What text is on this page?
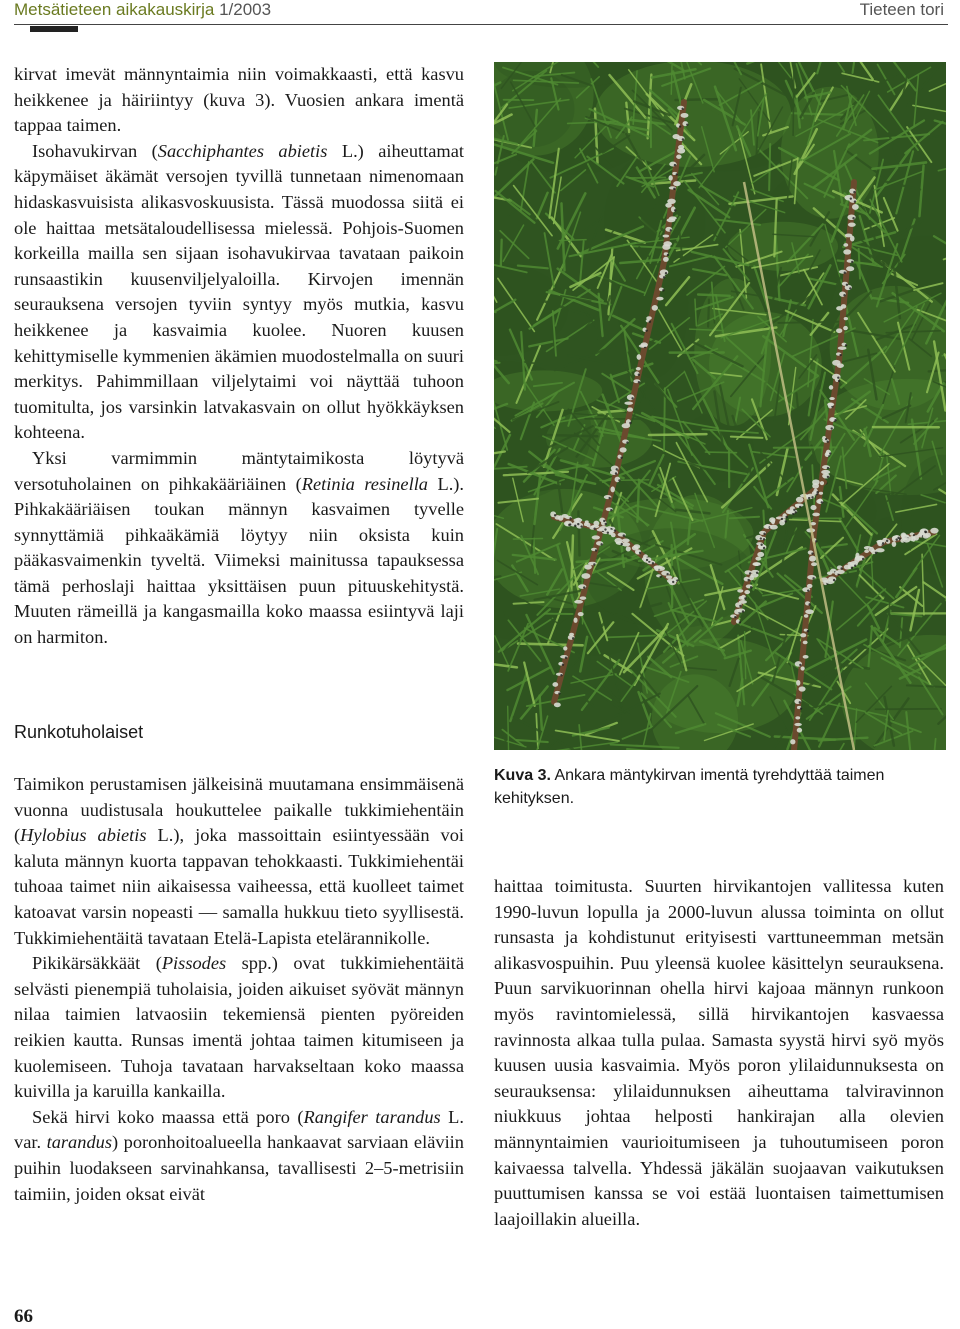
Metsätieteen aikakauskirja 1/2003	Tieteen tori

kirvat imevät männyntaimia niin voimakkaasti, että kasvu heikkenee ja häiriintyy (kuva 3). Vuosien ankara imentä tappaa taimen.

Isohavukirvan (Sacchiphantes abietis L.) aiheuttamat käpymäiset äkämät versojen tyvillä tunnetaan nimenomaan hidaskasvuisista alikasvoskuusista. Tässä muodossa siitä ei ole haittaa metsätaloudellisessa mielessä. Pohjois-Suomen korkeilla mailla sen sijaan isohavukirvaa tavataan paikoin runsaastikin kuusenviljelyaloilla. Kirvojen imennän seurauksena versojen tyviin syntyy myös mutkia, kasvu heikkenee ja kasvaimia kuolee. Nuoren kuusen kehittymiselle kymmenien äkämien muodostelmalla on suuri merkitys. Pahimmillaan viljelytaimi voi näyttää tuhoon tuomitulta, jos varsinkin latvakasvain on ollut hyökkäyksen kohteena.

Yksi varmimmin mäntytaimikosta löytyvä versotuholainen on pihkakääriäinen (Retinia resinella L.). Pihkakääriäisen toukan männyn kasvaimen tyvelle synnyttämiä pihkaäkämiä löytyy niin oksista kuin pääkasvaimenkin tyveltä. Viimeksi mainitussa tapauksessa tämä perhoslaji haittaa yksittäisen puun pituuskehitystä. Muuten rämeillä ja kangasmailla koko maassa esiintyvä laji on harmiton.

Runkotuholaiset

Taimikon perustamisen jälkeisinä muutamana ensimmäisenä vuonna uudistusala houkuttelee paikalle tukkimiehentäin (Hylobius abietis L.), joka massoittain esiintyessään voi kaluta männyn kuorta tappavan tehokkaasti. Tukkimiehentäi tuhoaa taimet niin aikaisessa vaiheessa, että kuolleet taimet katoavat varsin nopeasti — samalla hukkuu tieto syyllisestä. Tukkimiehentäitä tavataan Etelä-Lapista etelärannikolle.

Pikikärsäkkäät (Pissodes spp.) ovat tukkimiehentäitä selvästi pienempiä tuholaisia, joiden aikuiset syövät männyn nilaa taimien latvaosiin tekemiensä pienten pyöreiden reikien kautta. Runsas imentä johtaa taimen kitumiseen ja kuolemiseen. Tuhoja tavataan harvakseltaan koko maassa kuivilla ja karuilla kankailla.

Sekä hirvi koko maassa että poro (Rangifer tarandus L. var. tarandus) poronhoitoalueella hankaavat sarviaan eläviin puihin luodakseen sarvinahkansa, tavallisesti 2–5-metrisiin taimiin, joiden oksat eivät

Kuva 3. Ankara mäntykirvan imentä tyrehdyttää taimen kehityksen.

haittaa toimitusta. Suurten hirvikantojen vallitessa kuten 1990-luvun lopulla ja 2000-luvun alussa toiminta on ollut runsasta ja kohdistunut erityisesti varttuneemman metsän alikasvospuihin. Puu yleensä kuolee käsittelyn seurauksena. Puun sarvikuorinnan ohella hirvi kajoaa männyn runkoon myös ravintomielessä, sillä hirvikantojen kasvaessa ravinnosta alkaa tulla pulaa. Samasta syystä hirvi syö myös kuusen uusia kasvaimia. Myös poron ylilaidunnuksesta on seurauksensa: ylilaidunnuksen aiheuttama talviravinnon niukkuus johtaa helposti hankirajan alla olevien männyntaimien vaurioitumiseen ja tuhoutumiseen poron kaivaessa talvella. Yhdessä jäkälän suojaavan vaikutuksen puuttumisen kanssa se voi estää luontaisen taimettumisen laajoillakin alueilla.

66
